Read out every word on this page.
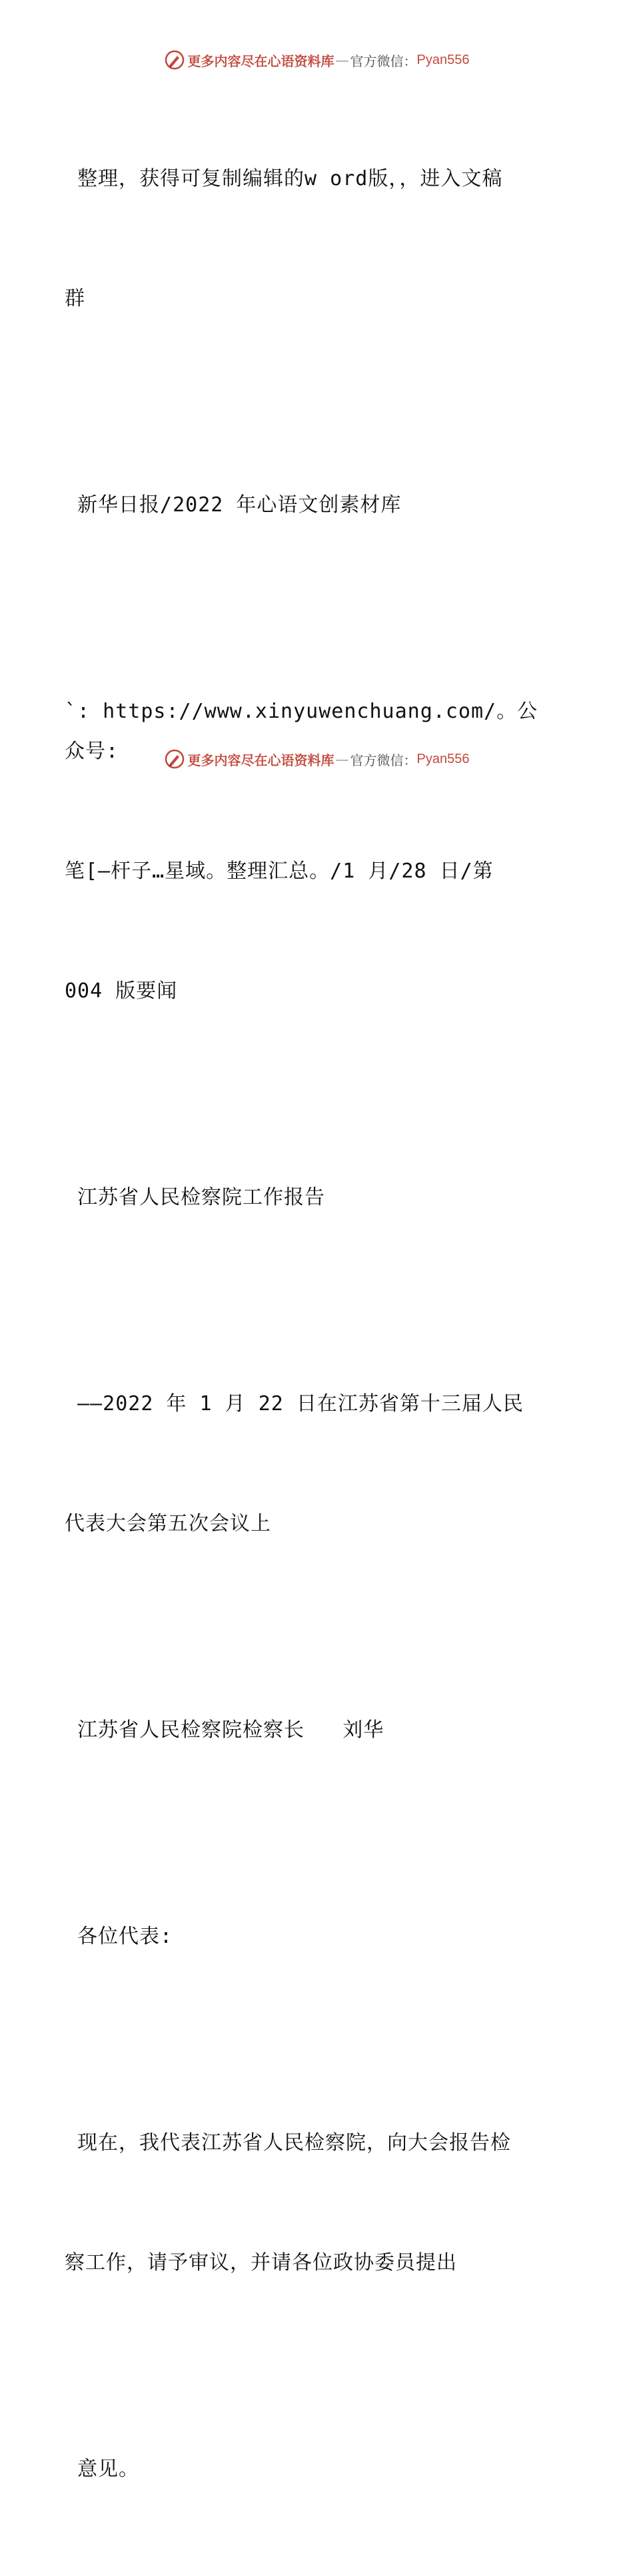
更多内容尽在心语资料库 — 官方微信： Pyan556

整理，获得可复制编辑的w ord版，，进入文稿

群

新华日报/2022 年心语文创素材库

`: https://www.xinyuwenchuang.com/。公众号:

笔[—杆子…星域。整理汇总。/1 月/28 日/第

004 版要闻

江苏省人民检察院工作报告

——2022 年 1 月 22 日在江苏省第十三届人民

代表大会第五次会议上

江苏省人民检察院检察长   刘华

各位代表:

现在，我代表江苏省人民检察院，向大会报告检

察工作，请予审议，并请各位政协委员提出

意见。

更多内容尽在心语资料库 — 官方微信： Pyan556
